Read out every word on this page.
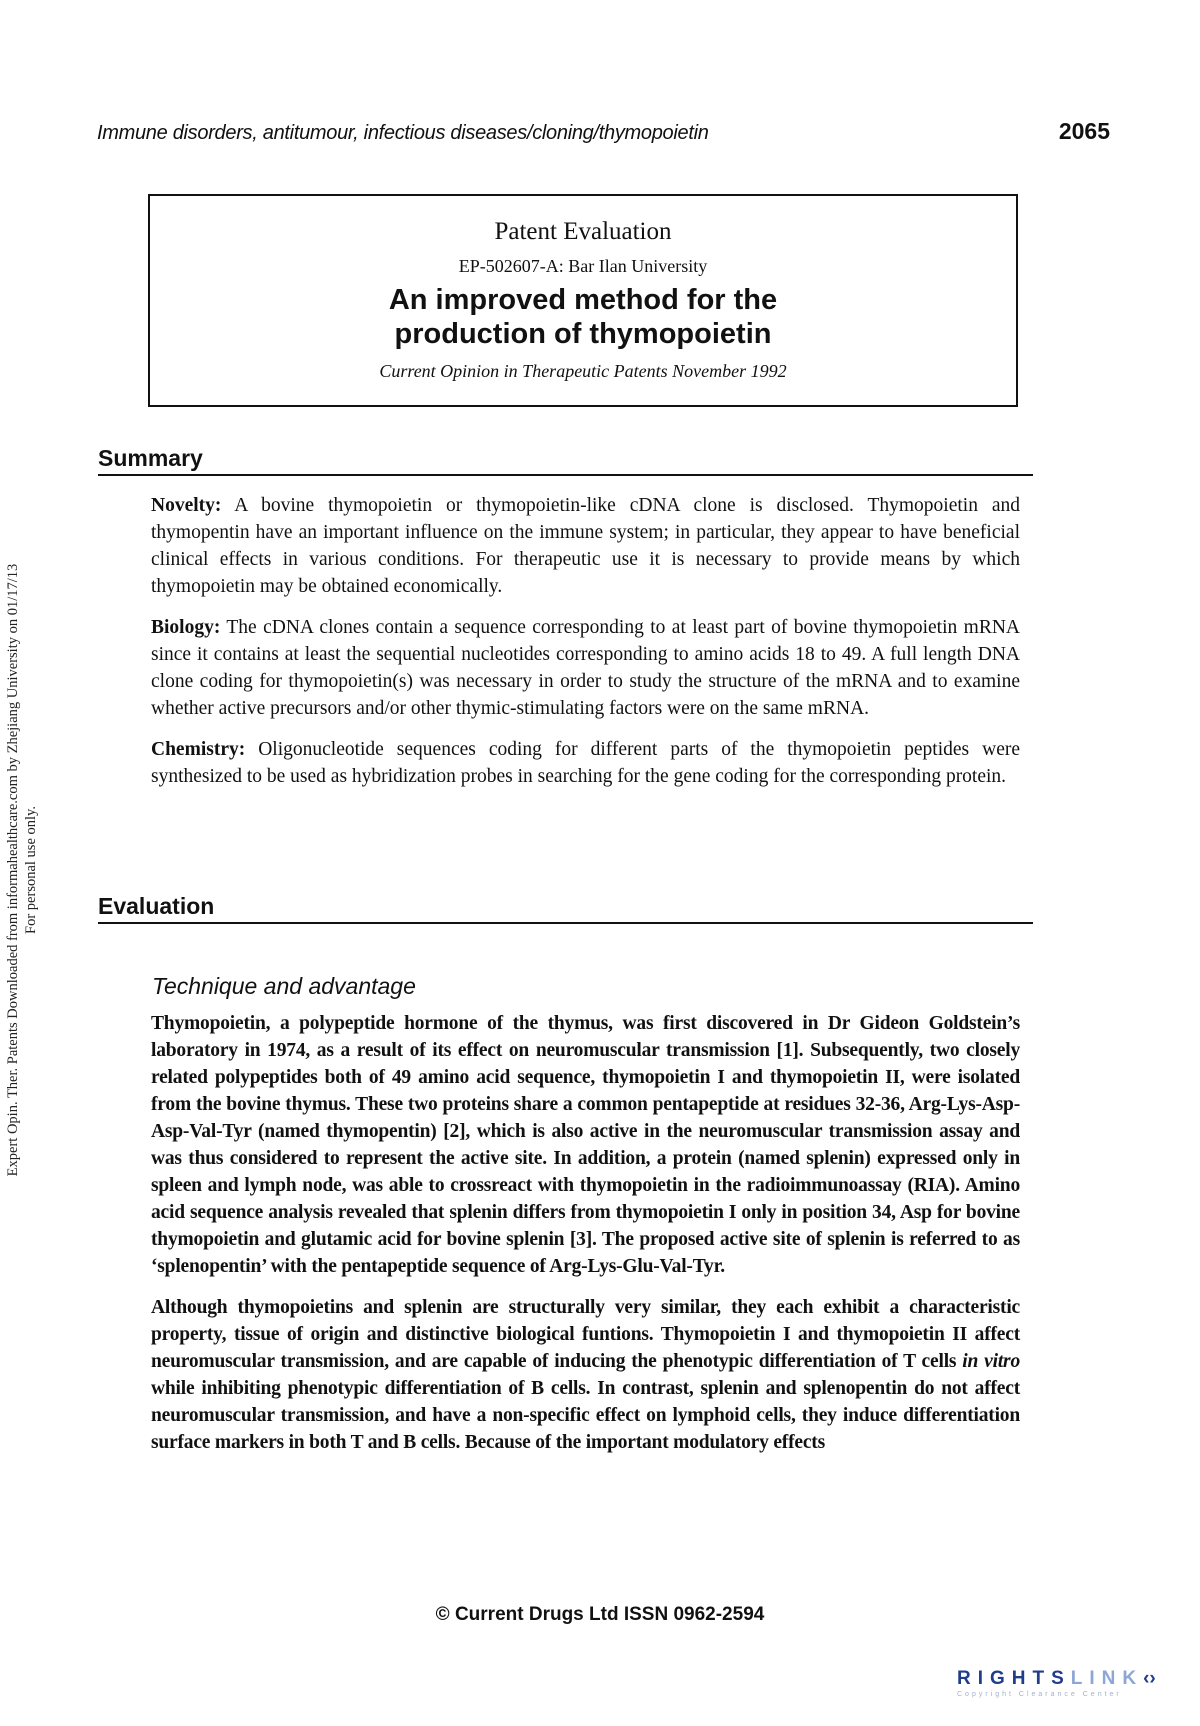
Immune disorders, antitumour, infectious diseases/cloning/thymopoietin	2065
Patent Evaluation
EP-502607-A: Bar Ilan University
An improved method for the
production of thymopoietin
Current Opinion in Therapeutic Patents November 1992
Summary

Novelty: A bovine thymopoietin or thymopoietin-like cDNA clone is disclosed. Thymopoietin and thymopentin have an important influence on the immune system; in particular, they appear to have beneficial clinical effects in various conditions. For therapeutic use it is necessary to provide means by which thymopoietin may be obtained economically.

Biology: The cDNA clones contain a sequence corresponding to at least part of bovine thymopoietin mRNA since it contains at least the sequential nucleotides corresponding to amino acids 18 to 49. A full length DNA clone coding for thymopoietin(s) was necessary in order to study the structure of the mRNA and to examine whether active precursors and/or other thymic-stimulating factors were on the same mRNA.

Chemistry: Oligonucleotide sequences coding for different parts of the thymopoietin peptides were synthesized to be used as hybridization probes in searching for the gene coding for the corresponding protein.

Evaluation
Technique and advantage

Thymopoietin, a polypeptide hormone of the thymus, was first discovered in Dr Gideon Goldstein’s laboratory in 1974, as a result of its effect on neuromuscular transmission [1]. Subsequently, two closely related polypeptides both of 49 amino acid sequence, thymopoietin I and thymopoietin II, were isolated from the bovine thymus. These two proteins share a common pentapeptide at residues 32-36, Arg-Lys-Asp-Asp-Val-Tyr (named thymopentin) [2], which is also active in the neuromuscular transmission assay and was thus considered to represent the active site. In addition, a protein (named splenin) expressed only in spleen and lymph node, was able to crossreact with thymopoietin in the radioimmunoassay (RIA). Amino acid sequence analysis revealed that splenin differs from thymopoietin I only in position 34, Asp for bovine thymopoietin and glutamic acid for bovine splenin [3]. The proposed active site of splenin is referred to as ‘splenopentin’ with the pentapeptide sequence of Arg-Lys-Glu-Val-Tyr.

Although thymopoietins and splenin are structurally very similar, they each exhibit a characteristic property, tissue of origin and distinctive biological funtions. Thymopoietin I and thymopoietin II affect neuromuscular transmission, and are capable of inducing the phenotypic differentiation of T cells in vitro while inhibiting phenotypic differentiation of B cells. In contrast, splenin and splenopentin do not affect neuromuscular transmission, and have a non-specific effect on lymphoid cells, they induce differentiation surface markers in both T and B cells. Because of the important modulatory effects

© Current Drugs Ltd ISSN 0962-2594
Expert Opin. Ther. Patents Downloaded from informahealthcare.com by Zhejiang University on 01/17/13 For personal use only.
RIGHTSLINK‹›
Copyright Clearance Center
